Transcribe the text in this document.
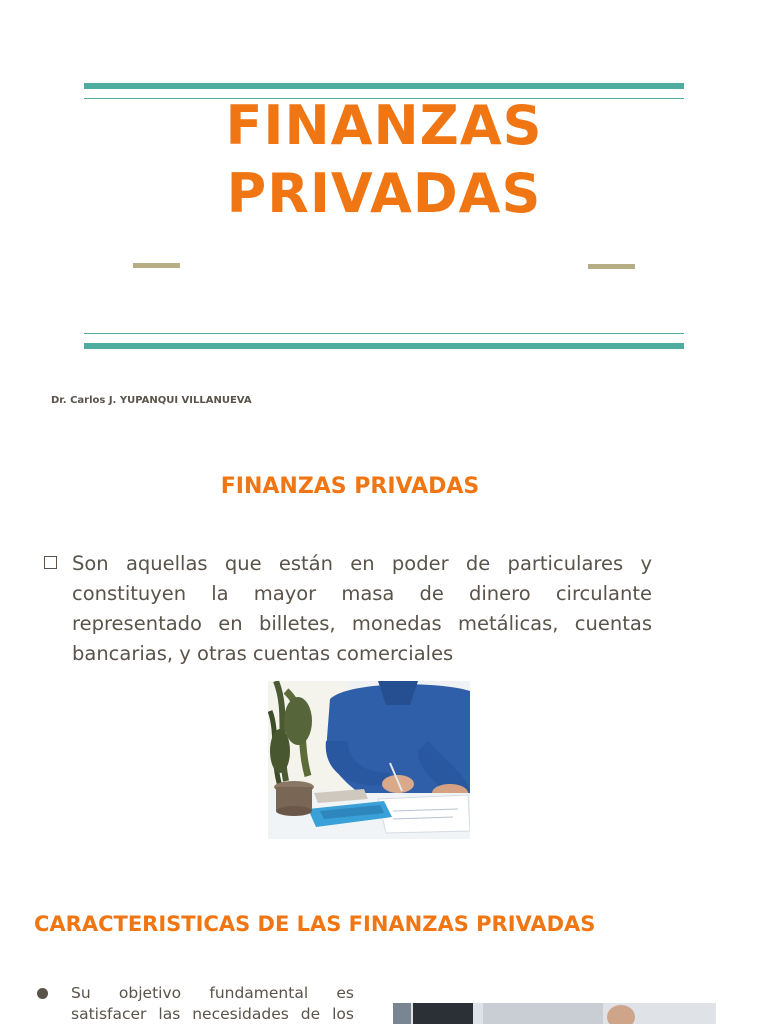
FINANZAS
PRIVADAS
Dr. Carlos J. YUPANQUI VILLANUEVA
FINANZAS PRIVADAS
Son aquellas que están en poder de particulares y constituyen la mayor masa de dinero circulante representado en billetes, monedas metálicas, cuentas bancarias, y otras cuentas comerciales
CARACTERISTICAS DE LAS FINANZAS PRIVADAS
Su objetivo fundamental es satisfacer las necesidades de los
